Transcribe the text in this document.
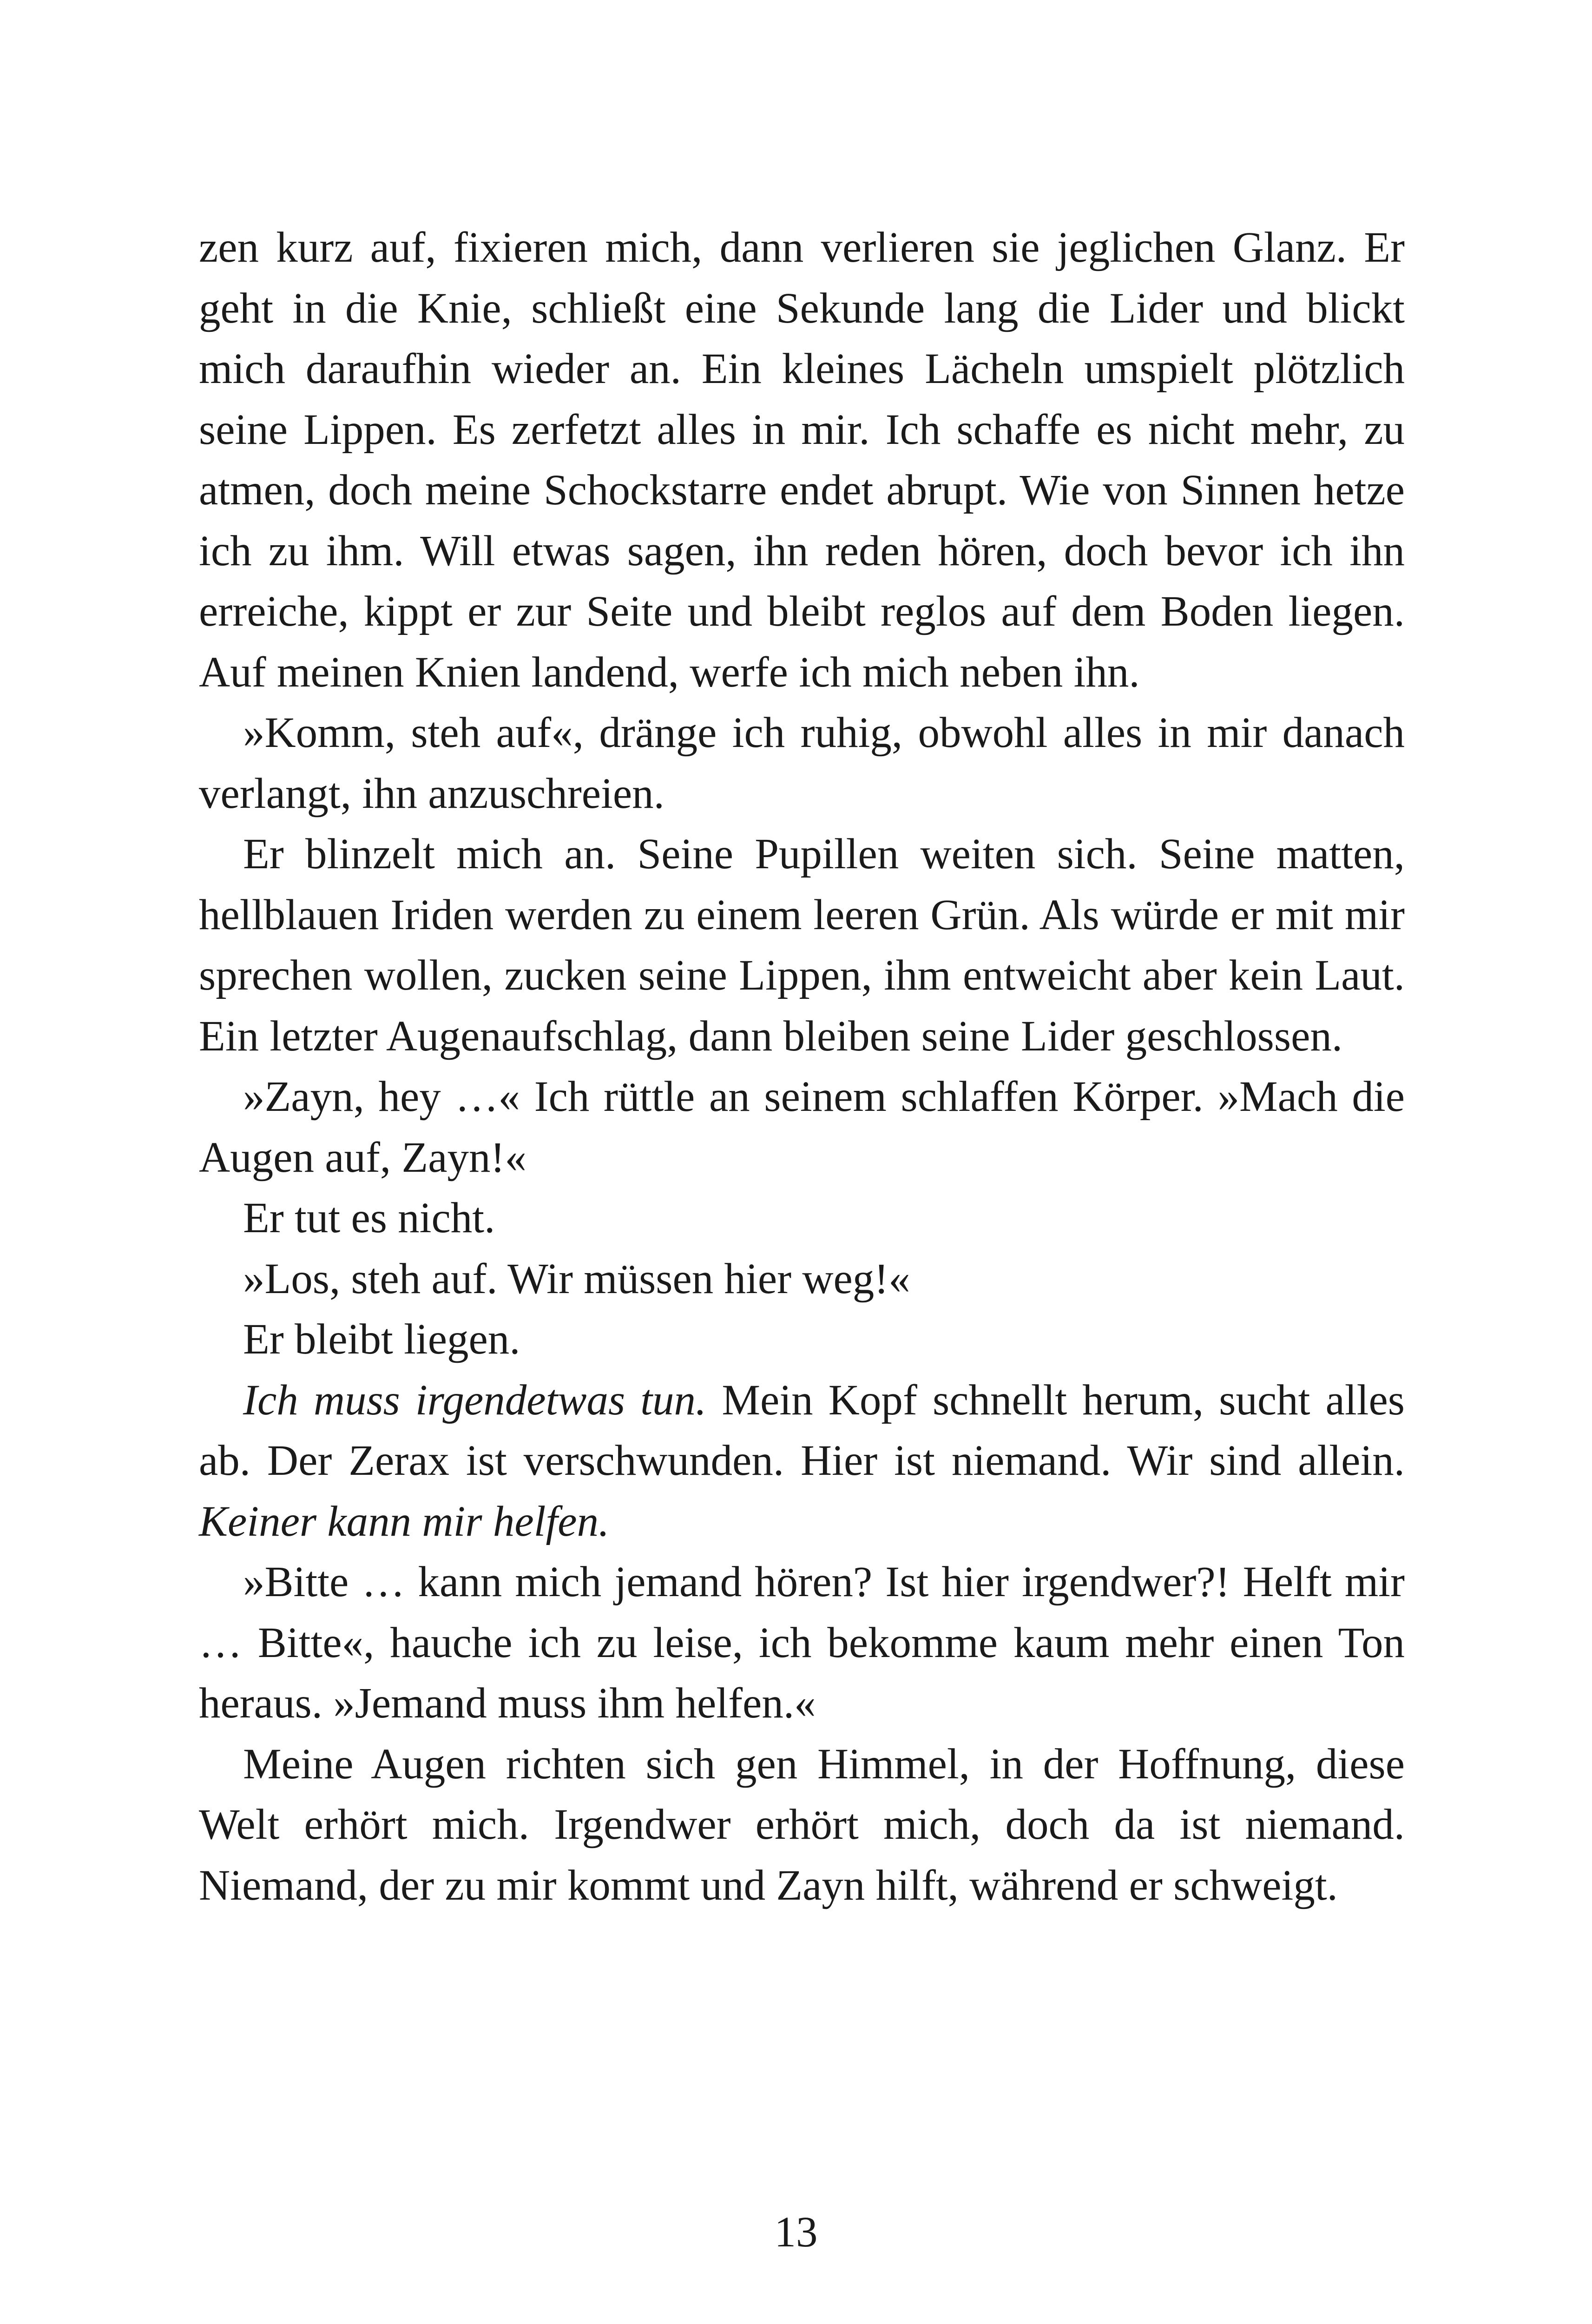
zen kurz auf, fixieren mich, dann verlieren sie jeglichen Glanz. Er geht in die Knie, schließt eine Sekunde lang die Lider und blickt mich daraufhin wieder an. Ein kleines Lächeln umspielt plötzlich seine Lippen. Es zerfetzt alles in mir. Ich schaffe es nicht mehr, zu atmen, doch meine Schockstarre endet abrupt. Wie von Sinnen hetze ich zu ihm. Will etwas sagen, ihn reden hören, doch bevor ich ihn erreiche, kippt er zur Seite und bleibt reglos auf dem Boden liegen. Auf meinen Knien landend, werfe ich mich neben ihn.

»Komm, steh auf«, dränge ich ruhig, obwohl alles in mir danach verlangt, ihn anzuschreien.

Er blinzelt mich an. Seine Pupillen weiten sich. Seine matten, hellblauen Iriden werden zu einem leeren Grün. Als würde er mit mir sprechen wollen, zucken seine Lippen, ihm entweicht aber kein Laut. Ein letzter Augenaufschlag, dann bleiben seine Lider geschlossen.

»Zayn, hey …« Ich rüttle an seinem schlaffen Körper. »Mach die Augen auf, Zayn!«

Er tut es nicht.

»Los, steh auf. Wir müssen hier weg!«

Er bleibt liegen.

Ich muss irgendetwas tun. Mein Kopf schnellt herum, sucht alles ab. Der Zerax ist verschwunden. Hier ist niemand. Wir sind allein. Keiner kann mir helfen.

»Bitte … kann mich jemand hören? Ist hier irgendwer?! Helft mir … Bitte«, hauche ich zu leise, ich bekomme kaum mehr einen Ton heraus. »Jemand muss ihm helfen.«

Meine Augen richten sich gen Himmel, in der Hoffnung, diese Welt erhört mich. Irgendwer erhört mich, doch da ist niemand. Niemand, der zu mir kommt und Zayn hilft, während er schweigt.

13
